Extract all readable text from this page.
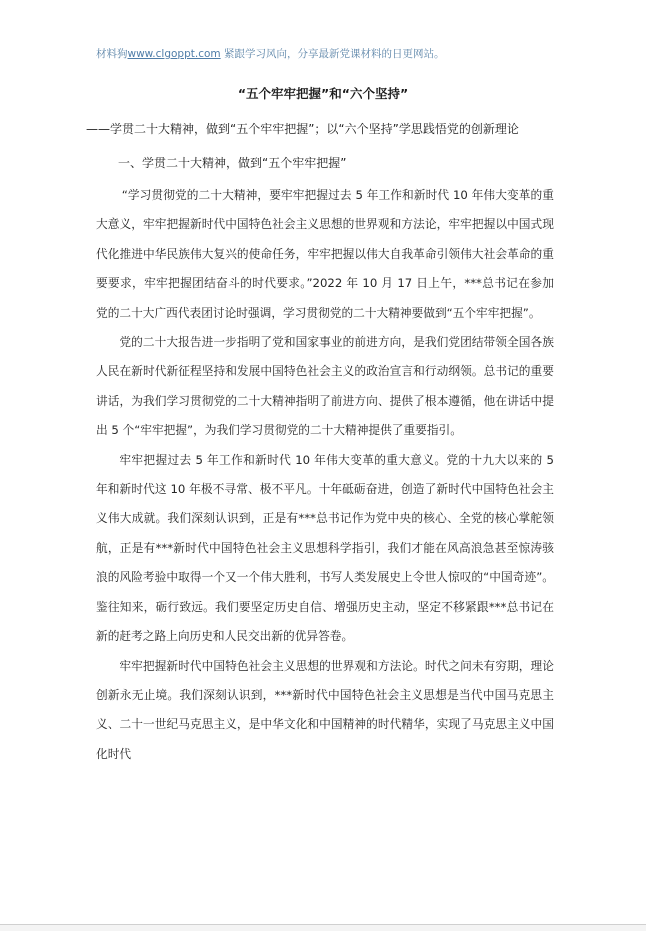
材料狗www.clgoppt.com 紧跟学习风向，分享最新党课材料的日更网站。
“五个牢牢把握”和“六个坚持”
——学贯二十大精神，做到“五个牢牢把握”；以“六个坚持”学思践悟党的创新理论
一、学贯二十大精神，做到“五个牢牢把握”

“学习贯彻党的二十大精神，要牢牢把握过去 5 年工作和新时代 10 年伟大变革的重大意义，牢牢把握新时代中国特色社会主义思想的世界观和方法论，牢牢把握以中国式现代化推进中华民族伟大复兴的使命任务，牢牢把握以伟大自我革命引领伟大社会革命的重要要求，牢牢把握团结奋斗的时代要求。”2022 年 10 月 17 日上午，***总书记在参加党的二十大广西代表团讨论时强调，学习贯彻党的二十大精神要做到“五个牢牢把握”。

党的二十大报告进一步指明了党和国家事业的前进方向，是我们党团结带领全国各族人民在新时代新征程坚持和发展中国特色社会主义的政治宣言和行动纲领。总书记的重要讲话，为我们学习贯彻党的二十大精神指明了前进方向、提供了根本遵循，他在讲话中提出 5 个“牢牢把握”，为我们学习贯彻党的二十大精神提供了重要指引。

牢牢把握过去 5 年工作和新时代 10 年伟大变革的重大意义。党的十九大以来的 5 年和新时代这 10 年极不寻常、极不平凡。十年砥砺奋进，创造了新时代中国特色社会主义伟大成就。我们深刻认识到，正是有***总书记作为党中央的核心、全党的核心掌舵领航，正是有***新时代中国特色社会主义思想科学指引，我们才能在风高浪急甚至惊涛骇浪的风险考验中取得一个又一个伟大胜利，书写人类发展史上令世人惊叹的“中国奇迹”。鉴往知来，砺行致远。我们要坚定历史自信、增强历史主动，坚定不移紧跟***总书记在新的赶考之路上向历史和人民交出新的优异答卷。

牢牢把握新时代中国特色社会主义思想的世界观和方法论。时代之问未有穷期，理论创新永无止境。我们深刻认识到，***新时代中国特色社会主义思想是当代中国马克思主义、二十一世纪马克思主义，是中华文化和中国精神的时代精华，实现了马克思主义中国化时代
